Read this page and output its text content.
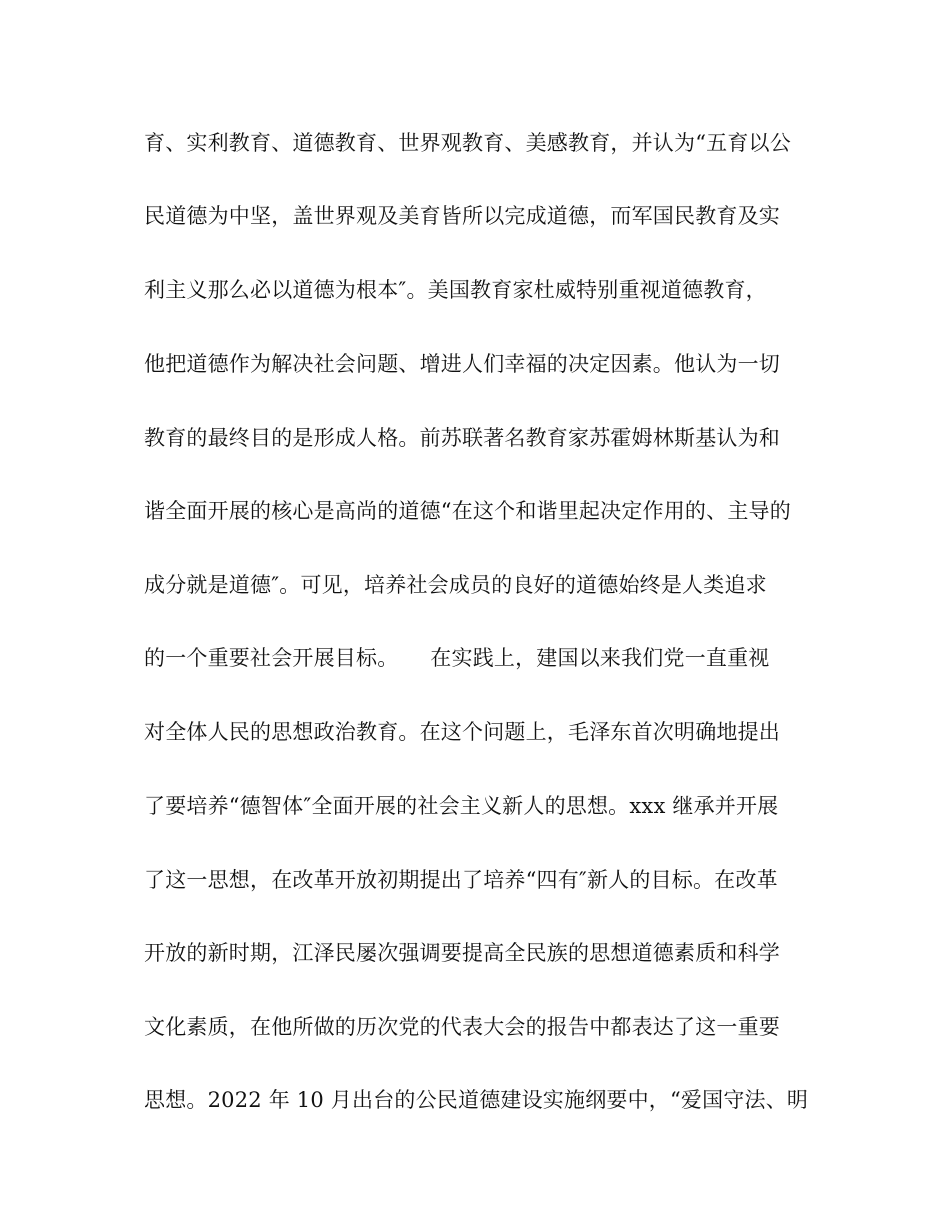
育、实利教育、道德教育、世界观教育、美感教育，并认为“五育以公
民道德为中坚，盖世界观及美育皆所以完成道德，而军国民教育及实
利主义那么必以道德为根本″。美国教育家杜威特别重视道德教育，
他把道德作为解决社会问题、增进人们幸福的决定因素。他认为一切
教育的最终目的是形成人格。前苏联著名教育家苏霍姆林斯基认为和
谐全面开展的核心是高尚的道德“在这个和谐里起决定作用的、主导的
成分就是道德″。可见，培养社会成员的良好的道德始终是人类追求
的一个重要社会开展目标。　　在实践上，建国以来我们党一直重视
对全体人民的思想政治教育。在这个问题上，毛泽东首次明确地提出
了要培养“德智体″全面开展的社会主义新人的思想。xxx 继承并开展
了这一思想，在改革开放初期提出了培养“四有″新人的目标。在改革
开放的新时期，江泽民屡次强调要提高全民族的思想道德素质和科学
文化素质，在他所做的历次党的代表大会的报告中都表达了这一重要
思想。2022 年 10 月出台的公民道德建设实施纲要中，“爱国守法、明
